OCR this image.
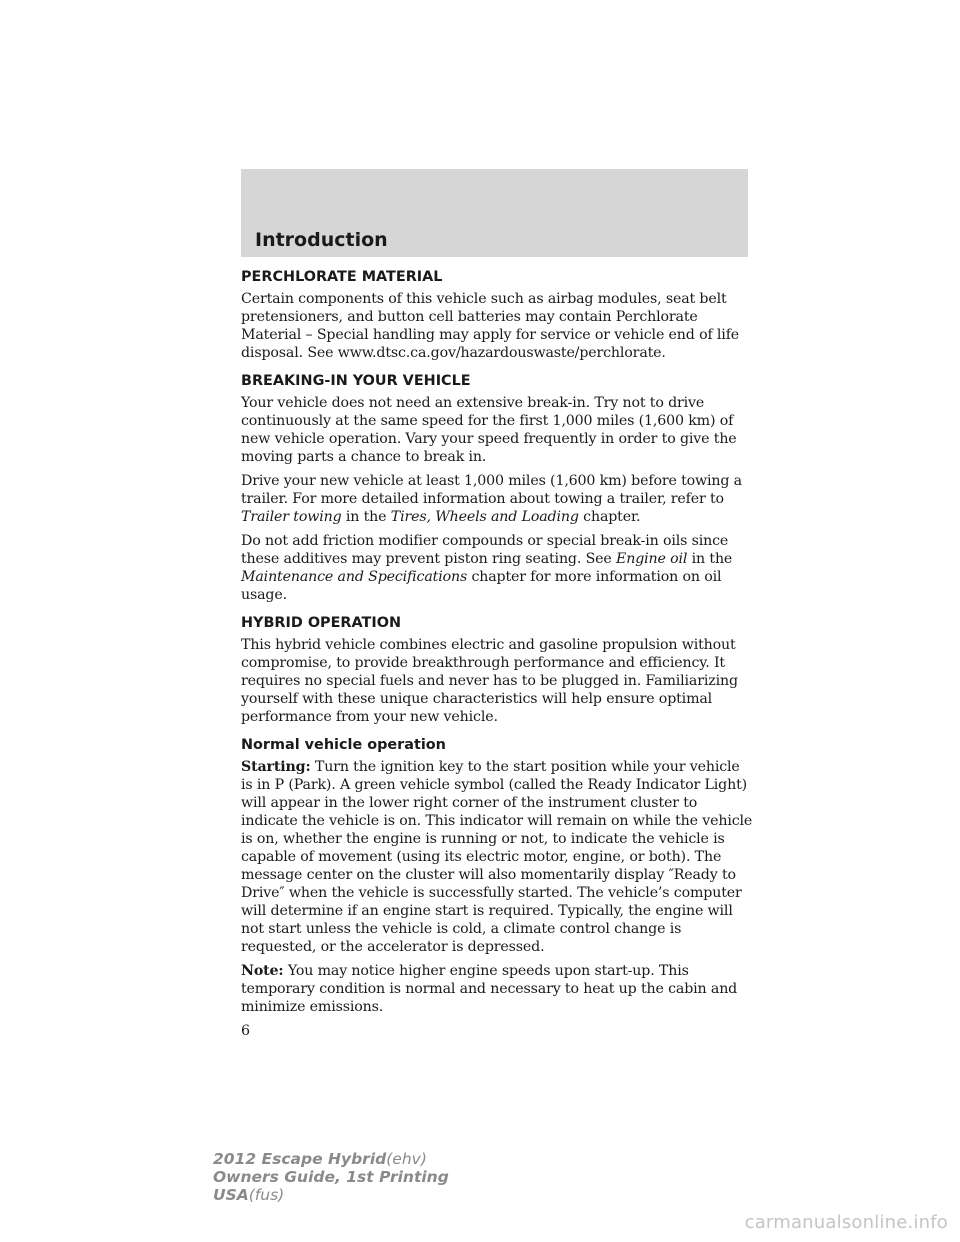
Introduction
PERCHLORATE MATERIAL

Certain components of this vehicle such as airbag modules, seat belt pretensioners, and button cell batteries may contain Perchlorate Material – Special handling may apply for service or vehicle end of life disposal. See www.dtsc.ca.gov/hazardouswaste/perchlorate.

BREAKING-IN YOUR VEHICLE

Your vehicle does not need an extensive break-in. Try not to drive continuously at the same speed for the first 1,000 miles (1,600 km) of new vehicle operation. Vary your speed frequently in order to give the moving parts a chance to break in.

Drive your new vehicle at least 1,000 miles (1,600 km) before towing a trailer. For more detailed information about towing a trailer, refer to Trailer towing in the Tires, Wheels and Loading chapter.

Do not add friction modifier compounds or special break-in oils since these additives may prevent piston ring seating. See Engine oil in the Maintenance and Specifications chapter for more information on oil usage.

HYBRID OPERATION

This hybrid vehicle combines electric and gasoline propulsion without compromise, to provide breakthrough performance and efficiency. It requires no special fuels and never has to be plugged in. Familiarizing yourself with these unique characteristics will help ensure optimal performance from your new vehicle.

Normal vehicle operation

Starting: Turn the ignition key to the start position while your vehicle is in P (Park). A green vehicle symbol (called the Ready Indicator Light) will appear in the lower right corner of the instrument cluster to indicate the vehicle is on. This indicator will remain on while the vehicle is on, whether the engine is running or not, to indicate the vehicle is capable of movement (using its electric motor, engine, or both). The message center on the cluster will also momentarily display ″Ready to Drive″ when the vehicle is successfully started. The vehicle’s computer will determine if an engine start is required. Typically, the engine will not start unless the vehicle is cold, a climate control change is requested, or the accelerator is depressed.

Note: You may notice higher engine speeds upon start-up. This temporary condition is normal and necessary to heat up the cabin and minimize emissions.

6
2012 Escape Hybrid(ehv)
Owners Guide, 1st Printing
USA(fus)
carmanualsonline.info
